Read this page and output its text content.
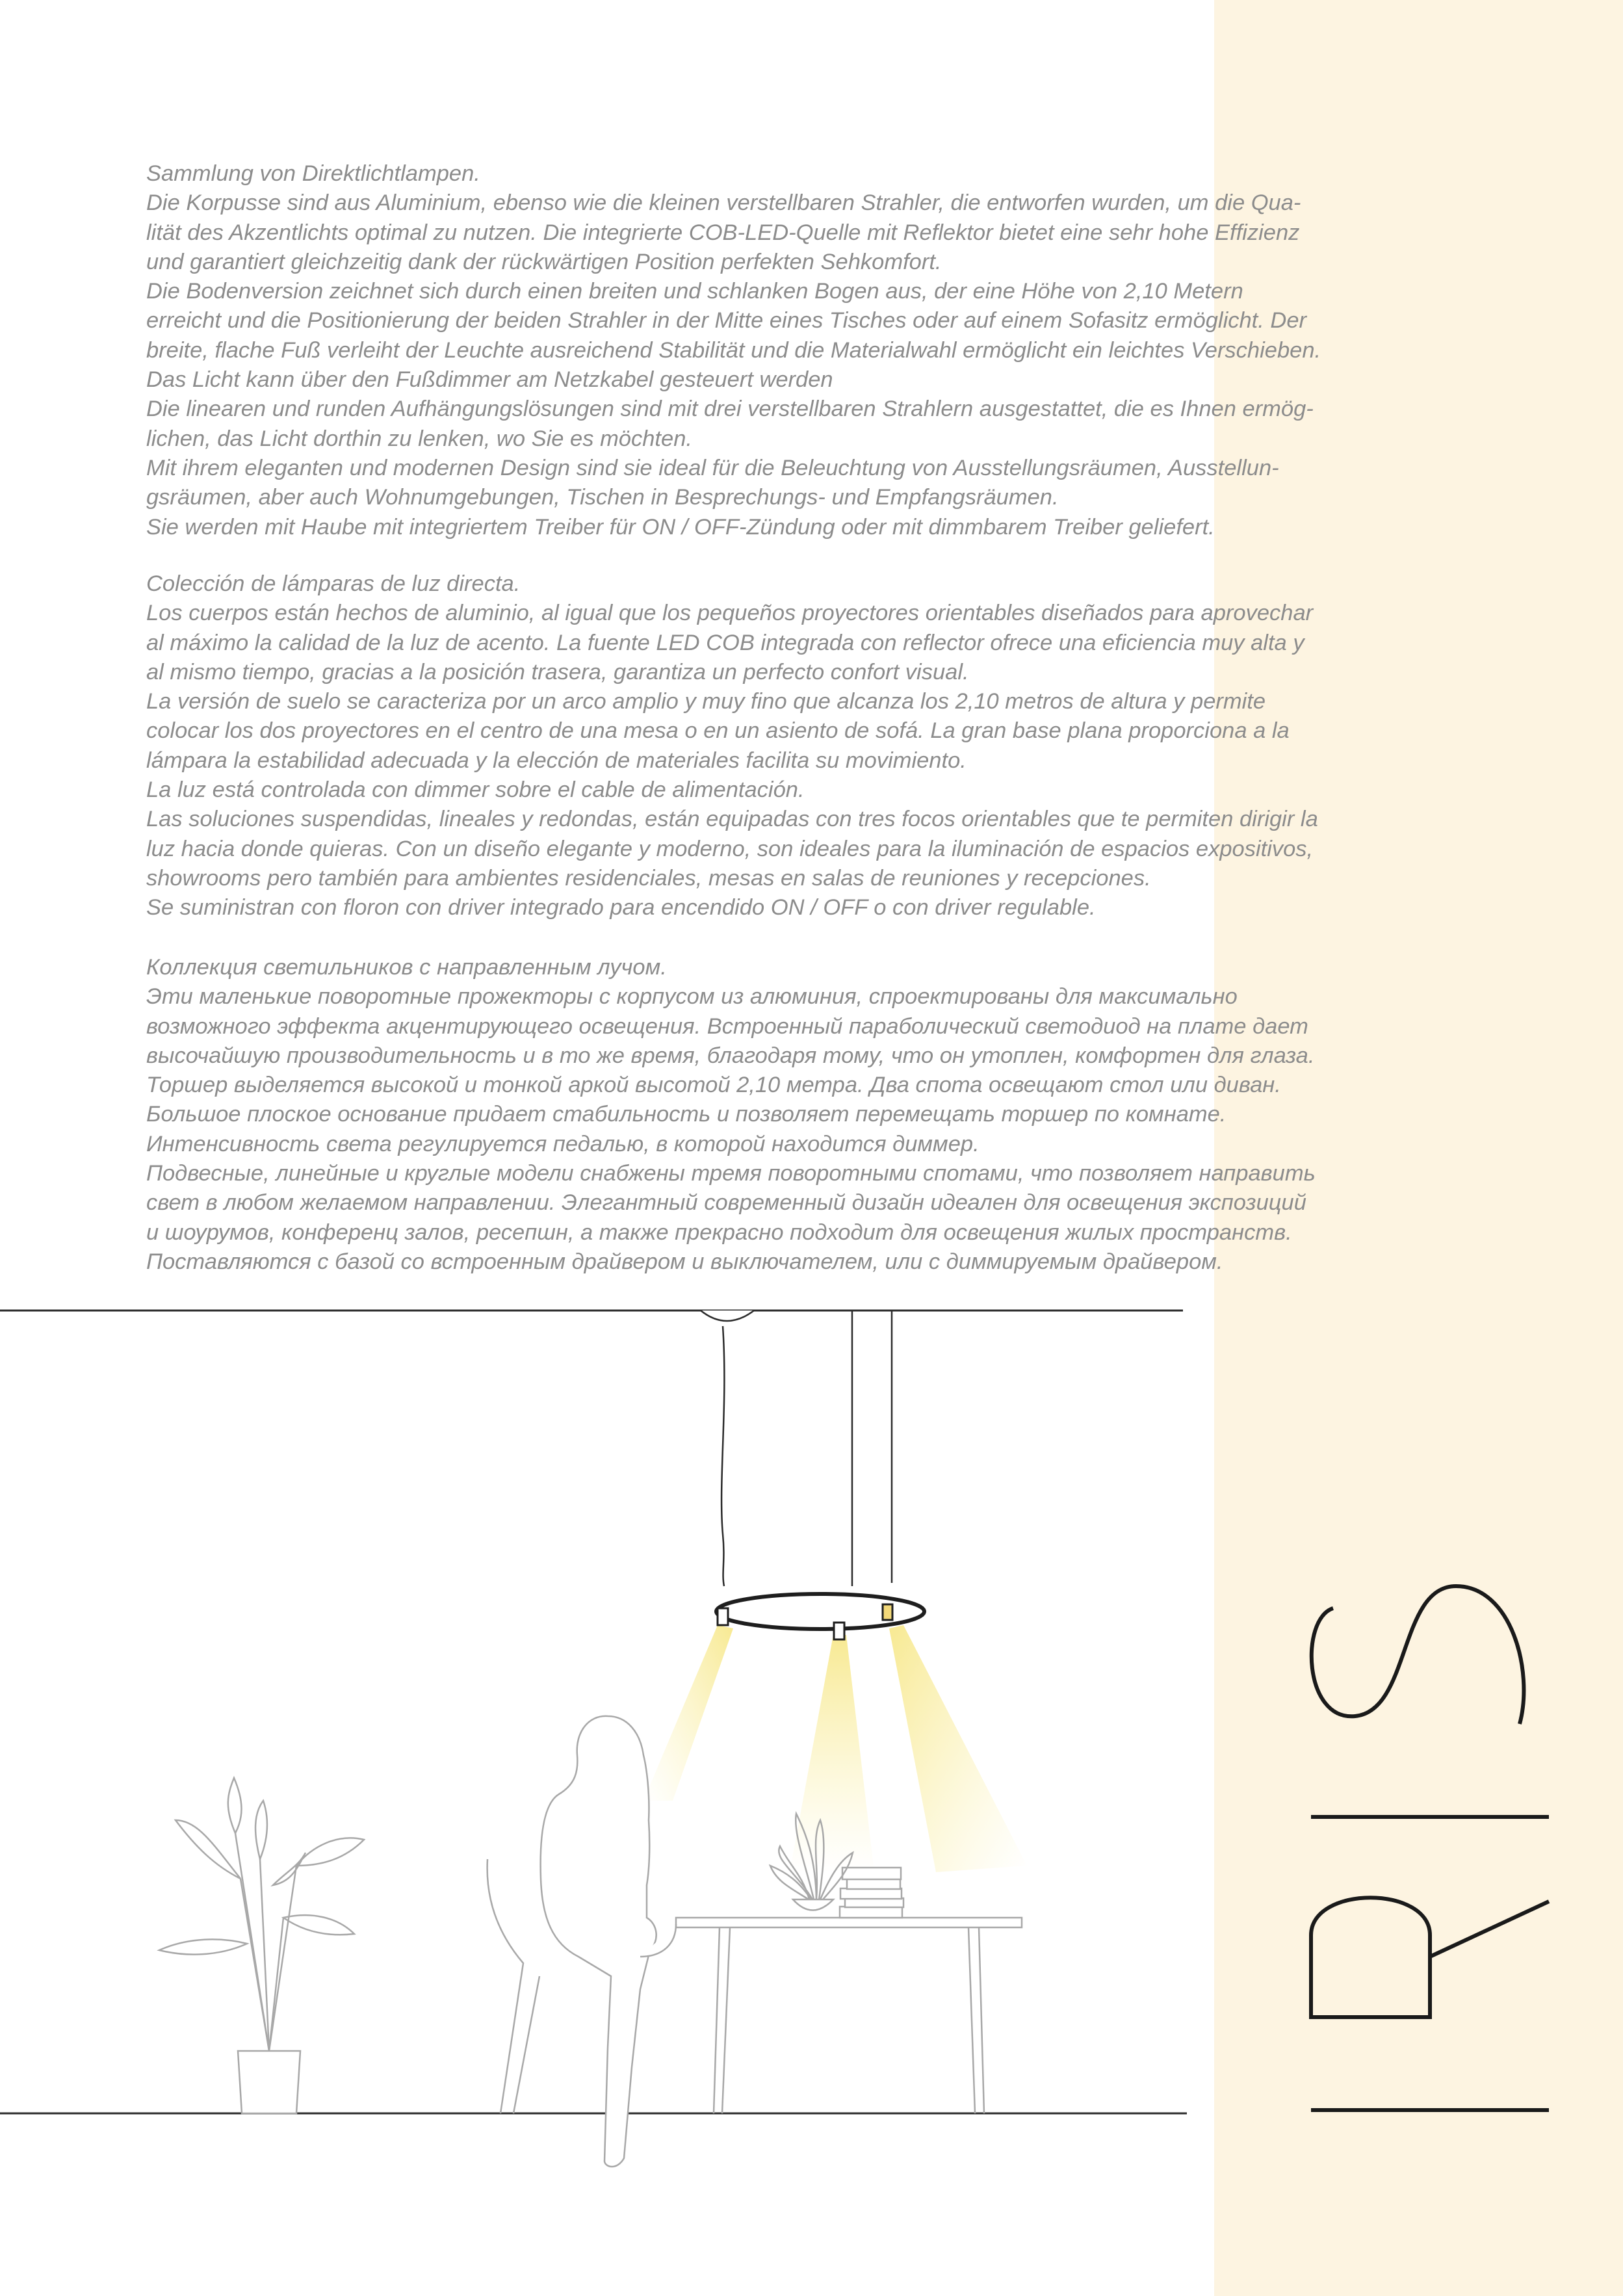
Sammlung von Direktlichtlampen.
Die Korpusse sind aus Aluminium, ebenso wie die kleinen verstellbaren Strahler, die entworfen wurden, um die Qua-
lität des Akzentlichts optimal zu nutzen. Die integrierte COB-LED-Quelle mit Reflektor bietet eine sehr hohe Effizienz
und garantiert gleichzeitig dank der rückwärtigen Position perfekten Sehkomfort.
Die Bodenversion zeichnet sich durch einen breiten und schlanken Bogen aus, der eine Höhe von 2,10 Metern
erreicht und die Positionierung der beiden Strahler in der Mitte eines Tisches oder auf einem Sofasitz ermöglicht. Der
breite, flache Fuß verleiht der Leuchte ausreichend Stabilität und die Materialwahl ermöglicht ein leichtes Verschieben.
Das Licht kann über den Fußdimmer am Netzkabel gesteuert werden
Die linearen und runden Aufhängungslösungen sind mit drei verstellbaren Strahlern ausgestattet, die es Ihnen ermög-
lichen, das Licht dorthin zu lenken, wo Sie es möchten.
Mit ihrem eleganten und modernen Design sind sie ideal für die Beleuchtung von Ausstellungsräumen, Ausstellun-
gsräumen, aber auch Wohnumgebungen, Tischen in Besprechungs- und Empfangsräumen.
Sie werden mit Haube mit integriertem Treiber für ON / OFF-Zündung oder mit dimmbarem Treiber geliefert.

Colección de lámparas de luz directa.
Los cuerpos están hechos de aluminio, al igual que los pequeños proyectores orientables diseñados para aprovechar
al máximo la calidad de la luz de acento. La fuente LED COB integrada con reflector ofrece una eficiencia muy alta y
al mismo tiempo, gracias a la posición trasera, garantiza un perfecto confort visual.
La versión de suelo se caracteriza por un arco amplio y muy fino que alcanza los 2,10 metros de altura y permite
colocar los dos proyectores en el centro de una mesa o en un asiento de sofá. La gran base plana proporciona a la
lámpara la estabilidad adecuada y la elección de materiales facilita su movimiento.
La luz está controlada con dimmer sobre el cable de alimentación.
Las soluciones suspendidas, lineales y redondas, están equipadas con tres focos orientables que te permiten dirigir la
luz hacia donde quieras. Con un diseño elegante y moderno, son ideales para la iluminación de espacios expositivos,
showrooms pero también para ambientes residenciales, mesas en salas de reuniones y recepciones.
Se suministran con floron con driver integrado para encendido ON / OFF o con driver regulable.

Коллекция светильников с направленным лучом.
Эти маленькие поворотные прожекторы с корпусом из алюминия, спроектированы для максимально
возможного эффекта акцентирующего освещения. Встроенный параболический светодиод на плате дает
высочайшую производительность и в то же время, благодаря тому, что он утоплен, комфортен для глаза.
Торшер выделяется высокой и тонкой аркой высотой 2,10 метра. Два спота освещают стол или диван.
Большое плоское основание придает стабильность и позволяет перемещать торшер по комнате.
Интенсивность света регулируется педалью, в которой находится диммер.
Подвесные, линейные и круглые модели снабжены тремя поворотными спотами, что позволяет направить
свет в любом желаемом направлении. Элегантный современный дизайн идеален для освещения экспозиций
и шоурумов, конференц залов, ресепшн, а также прекрасно подходит для освещения жилых пространств.
Поставляются с базой со встроенным драйвером и выключателем, или с диммируемым драйвером.
